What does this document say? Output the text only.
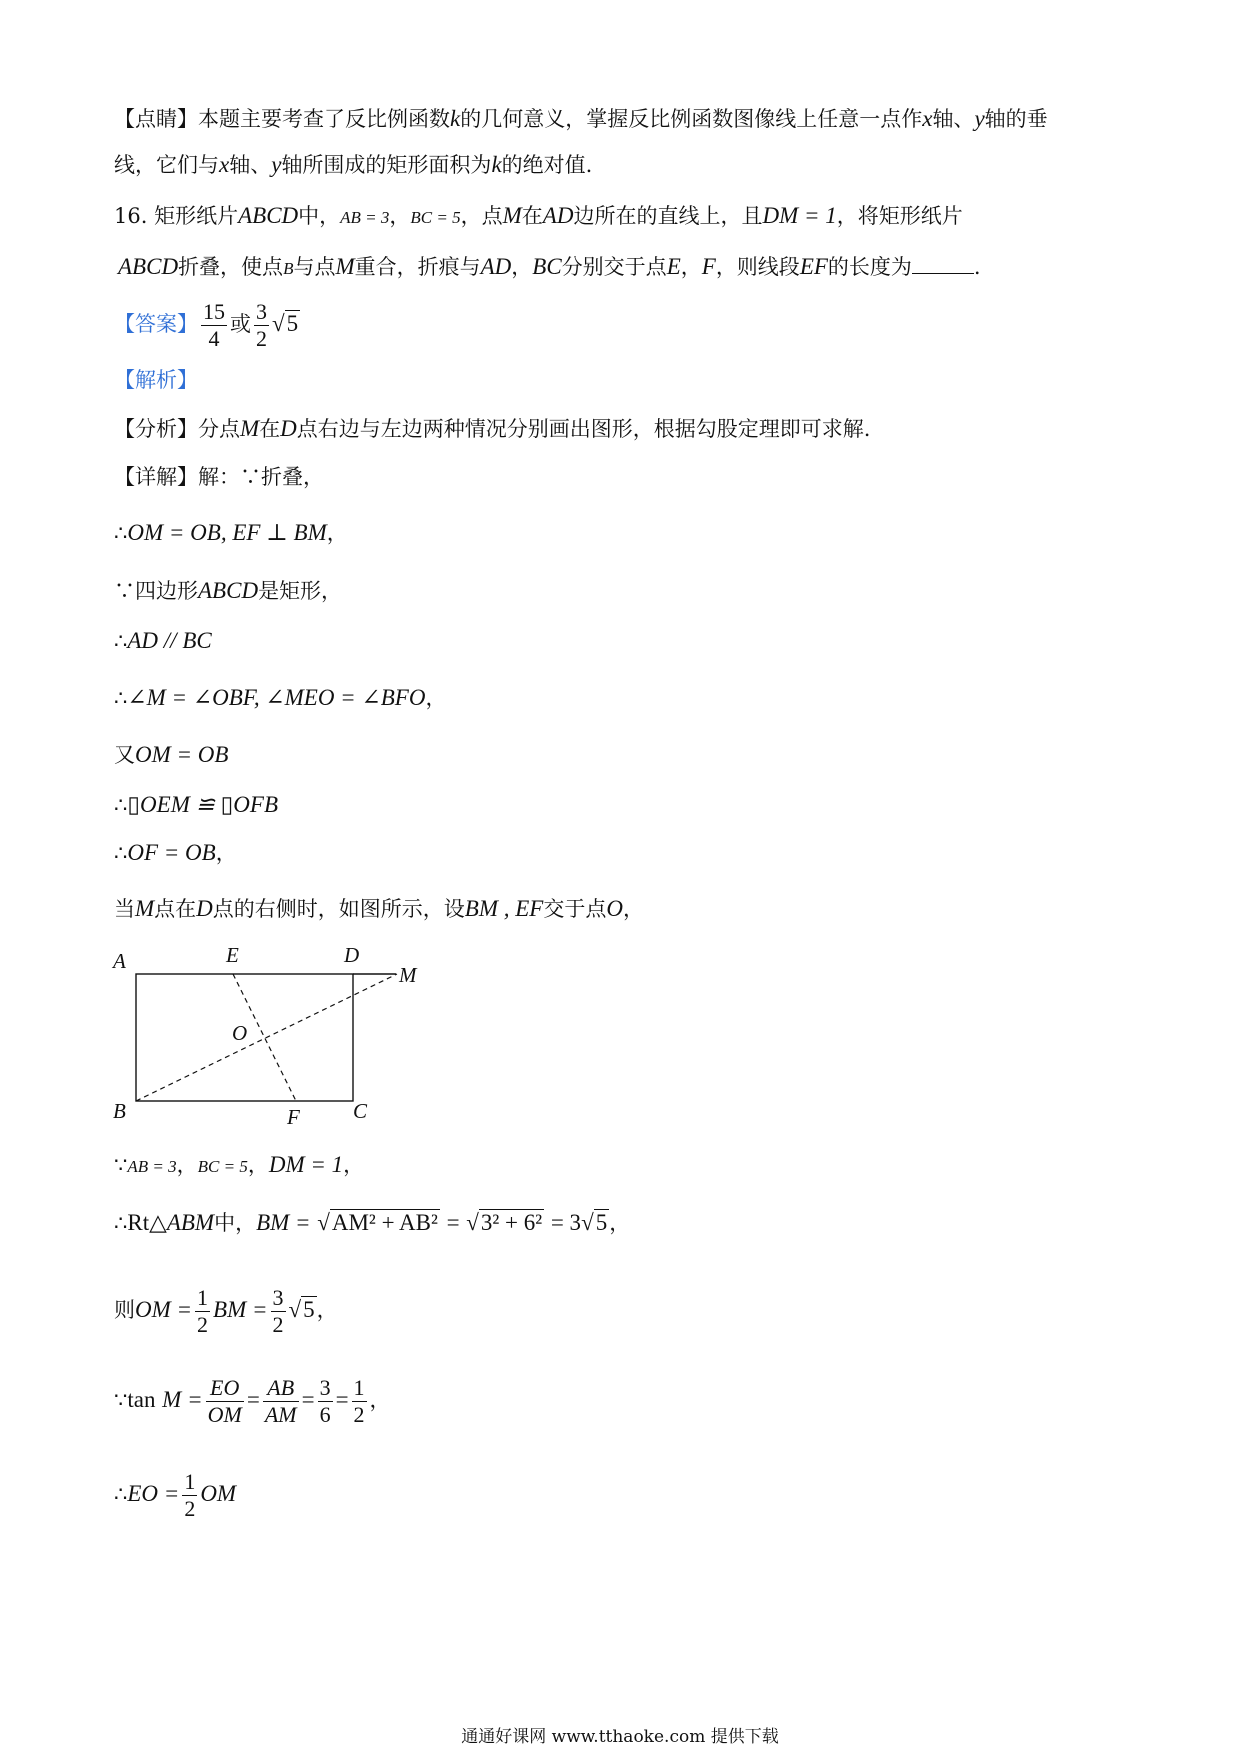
【点睛】本题主要考查了反比例函数k的几何意义，掌握反比例函数图像线上任意一点作x轴、y轴的垂
线，它们与x轴、y轴所围成的矩形面积为k的绝对值.
16. 矩形纸片ABCD中，AB = 3，BC = 5，点M在AD边所在的直线上，且DM = 1，将矩形纸片
ABCD折叠，使点B与点M重合，折痕与AD，BC分别交于点E，F，则线段EF的长度为	.
【答案】 $\frac{15}{4}$ 或 $\frac{3}{2} √5$
【解析】
【分析】分点M在D点右边与左边两种情况分别画出图形，根据勾股定理即可求解.
【详解】解：∵折叠，
∴OM = OB, EF ⊥ BM，
∵四边形ABCD是矩形，
∴AD // BC
∴∠M = ∠OBF, ∠MEO = ∠BFO，
又OM = OB
∴▯OEM ≌ ▯OFB
∴OF = OB，
当M点在D点的右侧时，如图所示，设BM , EF交于点O，
A	E	D
M
O
B	F	C
∵AB = 3，BC = 5，DM = 1，
∴Rt△ABM中，BM = √AM² + AB² = √3² + 6² = 3√5，
则OM = $\frac{1}{2}$ BM = $\frac{3}{2} √5$，
∵tan $M = \frac{EO}{OM} = \frac{AB}{AM} = \frac{3}{6} = \frac{1}{2}$ ，
∴EO = $\frac{1}{2}$ OM
通通好课网 www.tthaoke.com 提供下载
